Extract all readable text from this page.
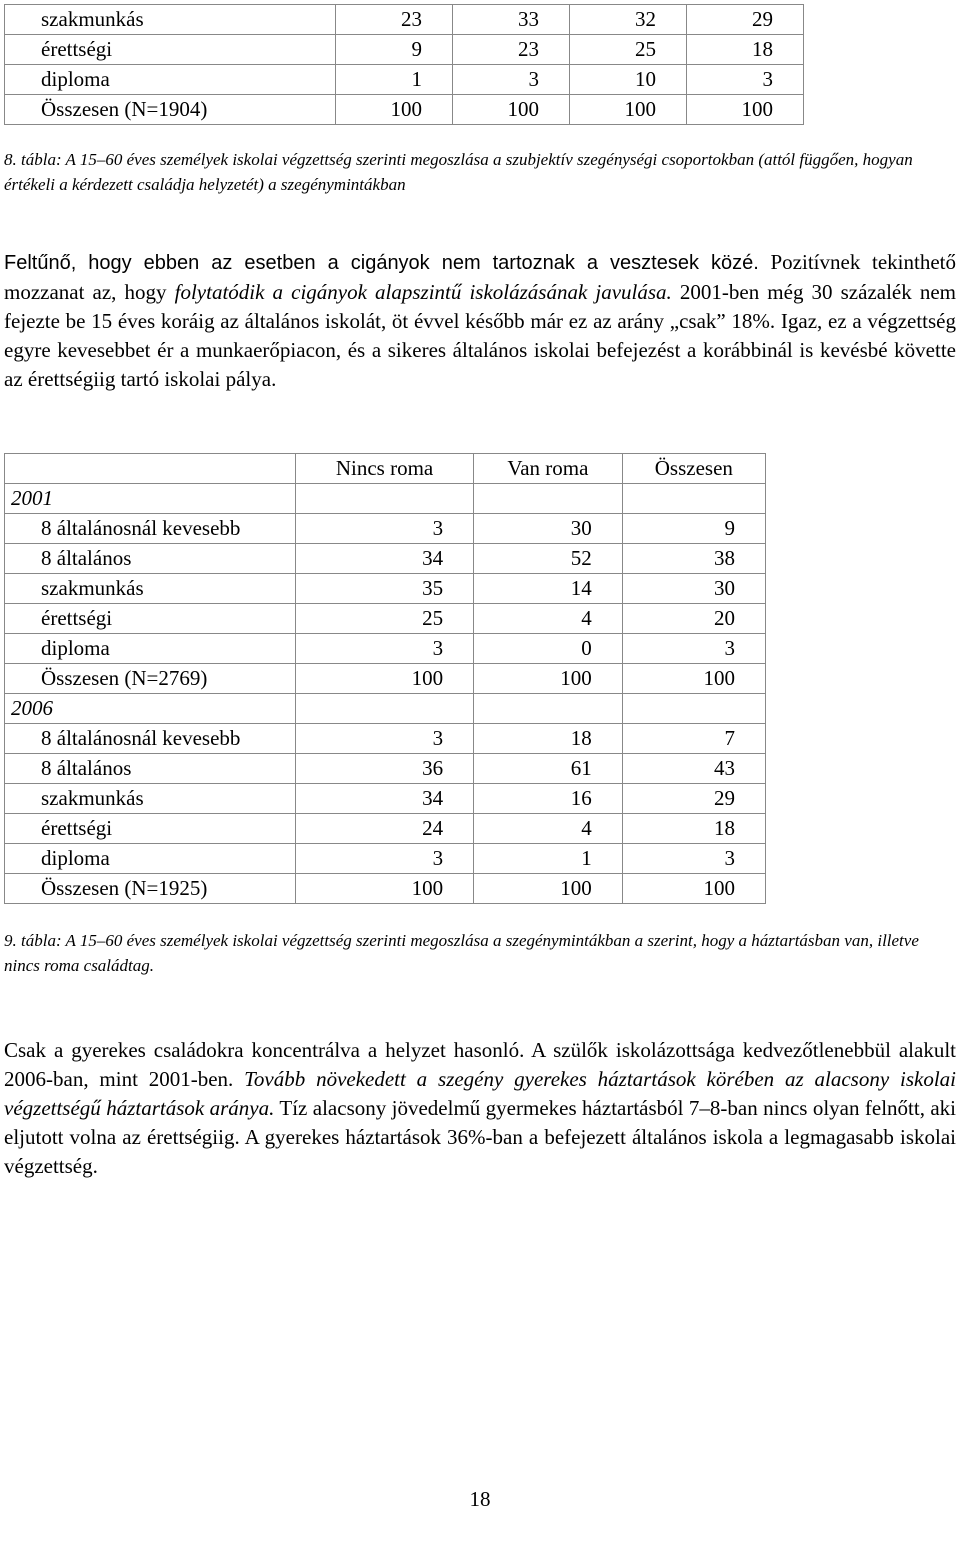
szakmunkás	23	33	32	29
érettségi	9	23	25	18
diploma	1	3	10	3
Összesen (N=1904)	100	100	100	100

8. tábla: A 15–60 éves személyek iskolai végzettség szerinti megoszlása a szubjektív szegénységi csoportokban (attól függően, hogyan értékeli a kérdezett családja helyzetét) a szegénymintákban

Feltűnő, hogy ebben az esetben a cigányok nem tartoznak a vesztesek közé. Pozitívnek tekinthető mozzanat az, hogy folytatódik a cigányok alapszintű iskolázásának javulása. 2001-ben még 30 százalék nem fejezte be 15 éves koráig az általános iskolát, öt évvel később már ez az arány „csak” 18%. Igaz, ez a végzettség egyre kevesebbet ér a munkaerőpiacon, és a sikeres általános iskolai befejezést a korábbinál is kevésbé követte az érettségiig tartó iskolai pálya.

	Nincs roma	Van roma	Összesen
2001			
8 általánosnál kevesebb	3	30	9
8 általános	34	52	38
szakmunkás	35	14	30
érettségi	25	4	20
diploma	3	0	3
Összesen (N=2769)	100	100	100
2006			
8 általánosnál kevesebb	3	18	7
8 általános	36	61	43
szakmunkás	34	16	29
érettségi	24	4	18
diploma	3	1	3
Összesen (N=1925)	100	100	100

9. tábla: A 15–60 éves személyek iskolai végzettség szerinti megoszlása a szegénymintákban a szerint, hogy a háztartásban van, illetve nincs roma családtag.

Csak a gyerekes családokra koncentrálva a helyzet hasonló. A szülők iskolázottsága kedvezőtlenebbül alakult 2006-ban, mint 2001-ben. Tovább növekedett a szegény gyerekes háztartások körében az alacsony iskolai végzettségű háztartások aránya. Tíz alacsony jövedelmű gyermekes háztartásból 7–8-ban nincs olyan felnőtt, aki eljutott volna az érettségiig. A gyerekes háztartások 36%-ban a befejezett általános iskola a legmagasabb iskolai végzettség.

18
